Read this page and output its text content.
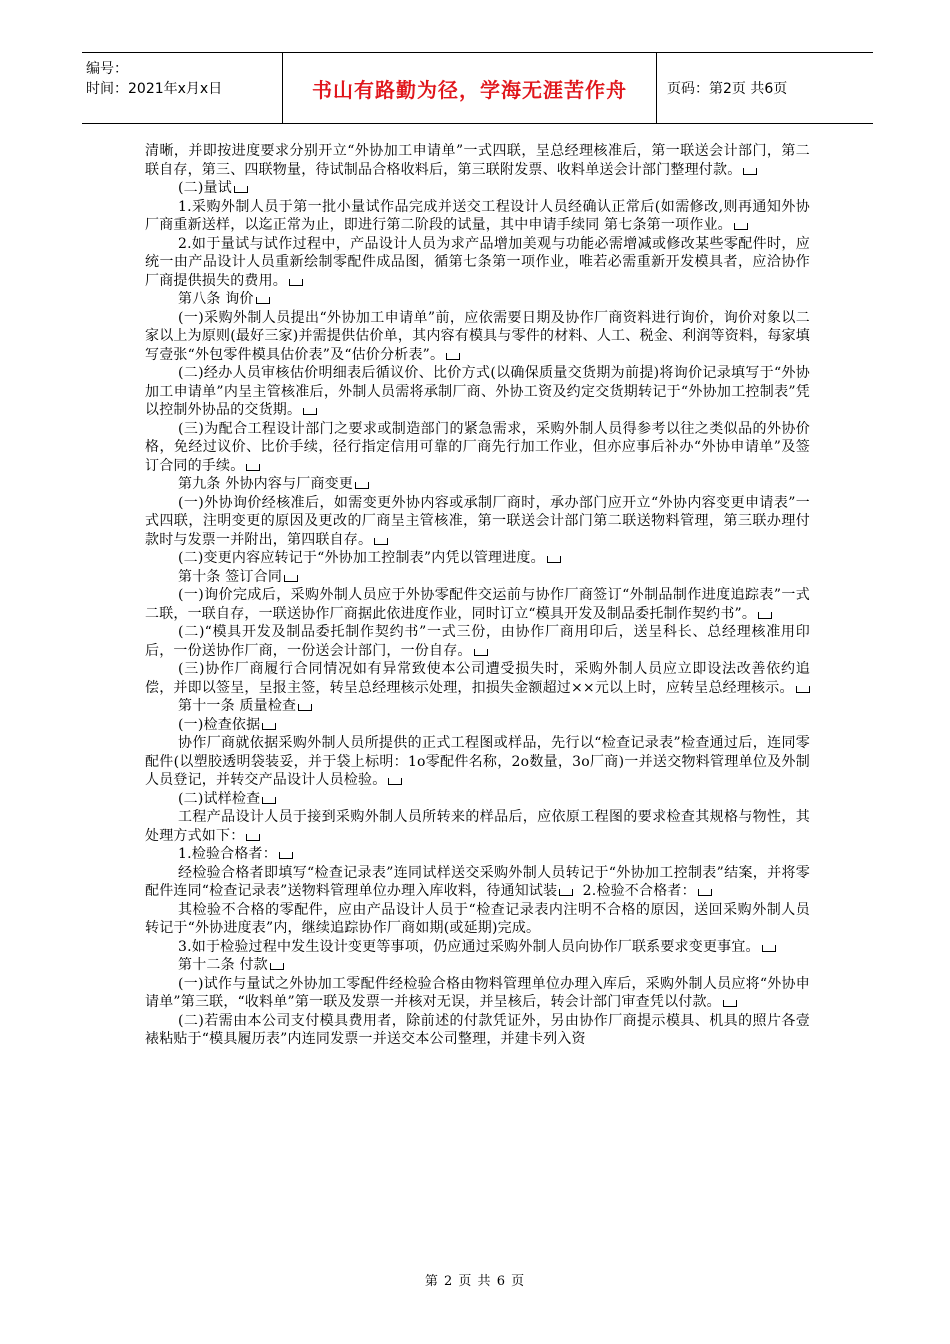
编号：
时间：2021年x月x日	书山有路勤为径，学海无涯苦作舟	页码：第2页 共6页

清晰，并即按进度要求分别开立“外协加工申请单”一式四联，呈总经理核准后，第一联送会计部门，第二联自存，第三、四联物量，待试制品合格收料后，第三联附发票、收料单送会计部门整理付款。

(二)量试

1.采购外制人员于第一批小量试作品完成并送交工程设计人员经确认正常后(如需修改,则再通知外协厂商重新送样，以迄正常为止，即进行第二阶段的试量，其中申请手续同 第七条第一项作业。

2.如于量试与试作过程中，产品设计人员为求产品增加美观与功能必需增减或修改某些零配件时，应统一由产品设计人员重新绘制零配件成品图，循第七条第一项作业，唯若必需重新开发模具者，应洽协作厂商提供损失的费用。

第八条 询价

(一)采购外制人员提出“外协加工申请单”前，应依需要日期及协作厂商资料进行询价，询价对象以二家以上为原则(最好三家)并需提供估价单，其内容有模具与零件的材料、人工、税金、利润等资料，每家填写壹张“外包零件模具估价表”及“估价分析表”。

(二)经办人员审核估价明细表后循议价、比价方式(以确保质量交货期为前提)将询价记录填写于“外协加工申请单”内呈主管核准后，外制人员需将承制厂商、外协工资及约定交货期转记于“外协加工控制表”凭以控制外协品的交货期。

(三)为配合工程设计部门之要求或制造部门的紧急需求，采购外制人员得参考以往之类似品的外协价格，免经过议价、比价手续，径行指定信用可靠的厂商先行加工作业，但亦应事后补办“外协申请单”及签订合同的手续。

第九条 外协内容与厂商变更

(一)外协询价经核准后，如需变更外协内容或承制厂商时，承办部门应开立“外协内容变更申请表”一式四联，注明变更的原因及更改的厂商呈主管核准，第一联送会计部门第二联送物料管理，第三联办理付款时与发票一并附出，第四联自存。

(二)变更内容应转记于“外协加工控制表”内凭以管理进度。

第十条 签订合同

(一)询价完成后，采购外制人员应于外协零配件交运前与协作厂商签订“外制品制作进度追踪表”一式二联，一联自存，一联送协作厂商据此依进度作业，同时订立“模具开发及制品委托制作契约书”。

(二)“模具开发及制品委托制作契约书”一式三份，由协作厂商用印后，送呈科长、总经理核准用印后，一份送协作厂商，一份送会计部门，一份自存。

(三)协作厂商履行合同情况如有异常致使本公司遭受损失时，采购外制人员应立即设法改善依约追偿，并即以签呈，呈报主签，转呈总经理核示处理，扣损失金额超过××元以上时，应转呈总经理核示。

第十一条 质量检查

(一)检查依据

协作厂商就依据采购外制人员所提供的正式工程图或样品，先行以“检查记录表”检查通过后，连同零配件(以塑胶透明袋装妥，并于袋上标明：1o零配件名称，2o数量，3o厂商)一并送交物料管理单位及外制人员登记，并转交产品设计人员检验。

(二)试样检查

工程产品设计人员于接到采购外制人员所转来的样品后，应依原工程图的要求检查其规格与物性，其处理方式如下：

1.检验合格者：

经检验合格者即填写“检查记录表”连同试样送交采购外制人员转记于“外协加工控制表”结案，并将零配件连同“检查记录表”送物料管理单位办理入库收料，待通知试装 2.检验不合格者：

其检验不合格的零配件，应由产品设计人员于“检查记录表内注明不合格的原因，送回采购外制人员转记于“外协进度表”内，继续追踪协作厂商如期(或延期)完成。

3.如于检验过程中发生设计变更等事项，仍应通过采购外制人员向协作厂联系要求变更事宜。

第十二条 付款

(一)试作与量试之外协加工零配件经检验合格由物料管理单位办理入库后，采购外制人员应将“外协申请单”第三联，“收料单”第一联及发票一并核对无误，并呈核后，转会计部门审查凭以付款。

(二)若需由本公司支付模具费用者，除前述的付款凭证外，另由协作厂商提示模具、机具的照片各壹裱粘贴于“模具履历表”内连同发票一并送交本公司整理，并建卡列入资

第 2 页 共 6 页
